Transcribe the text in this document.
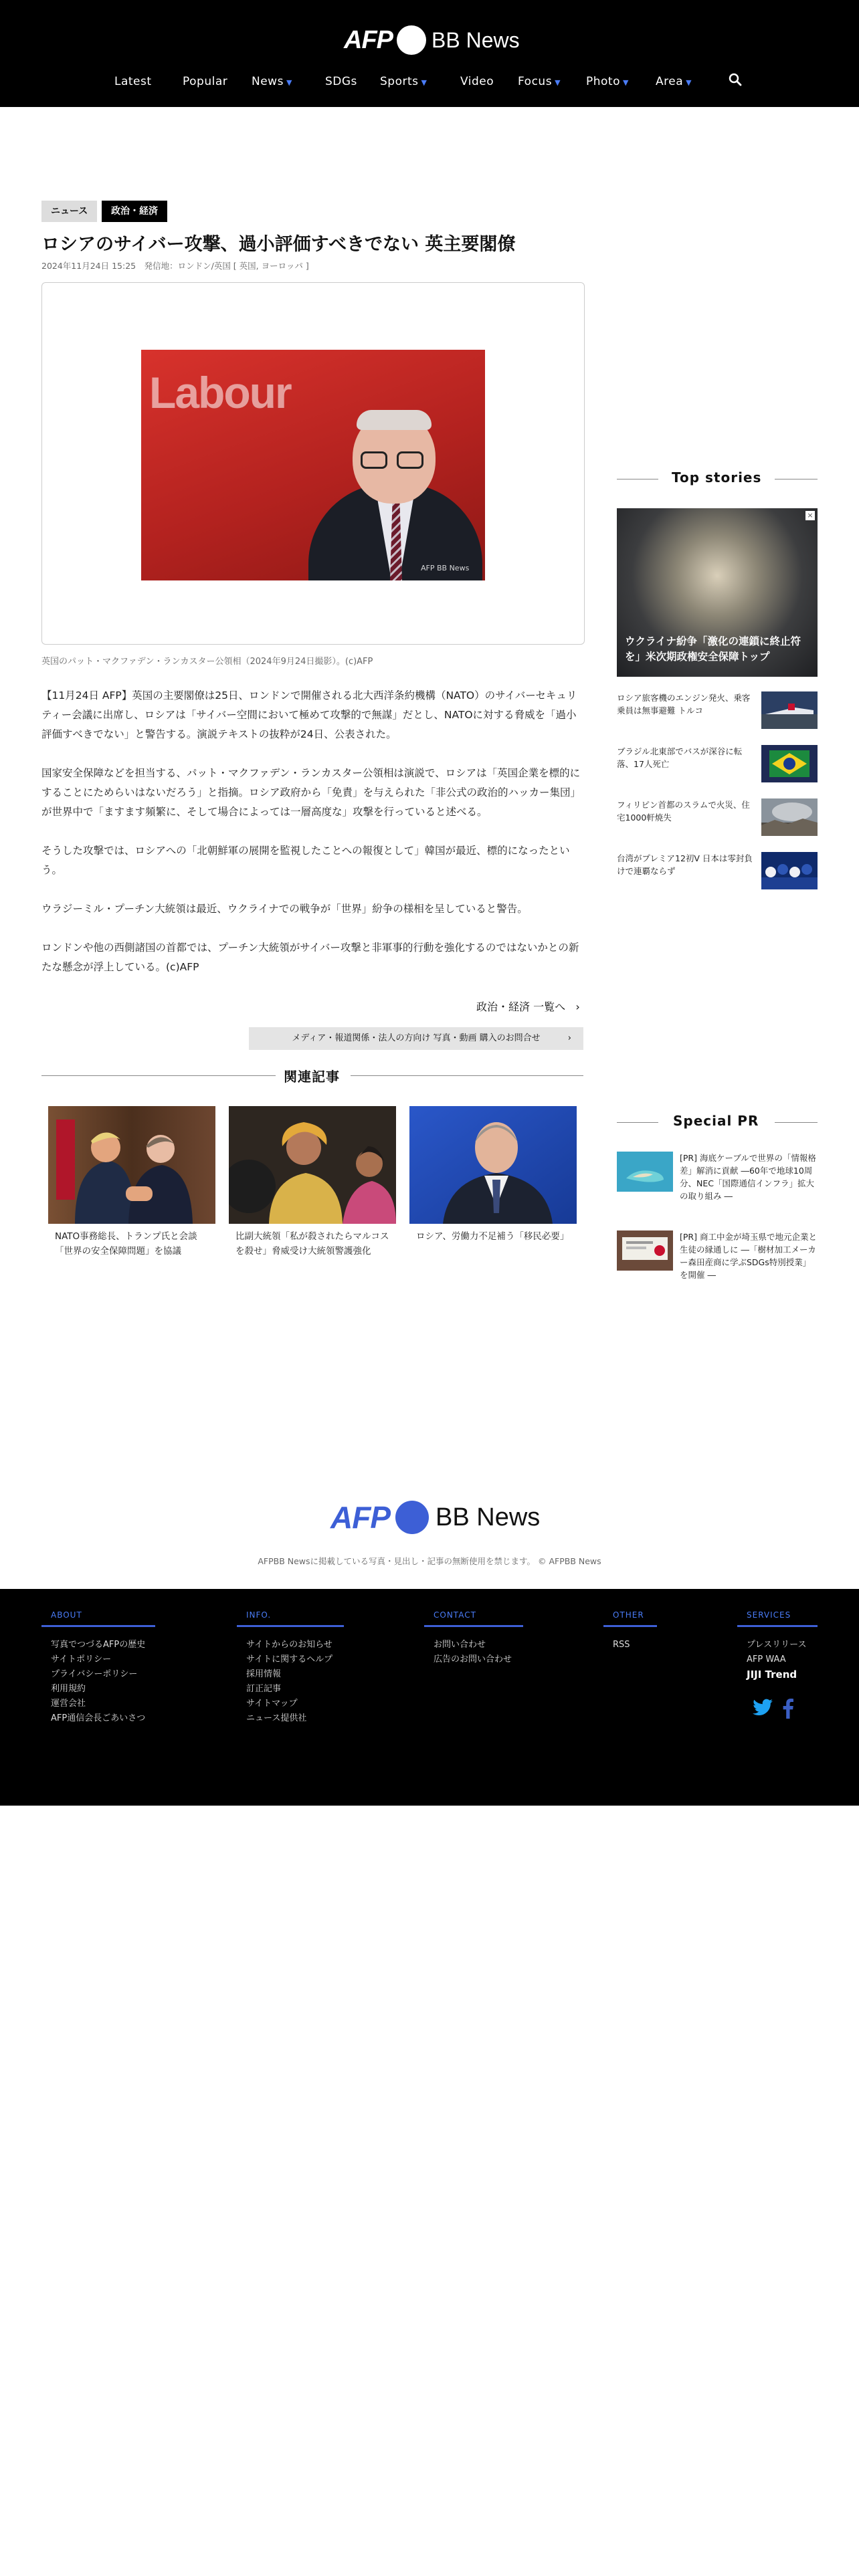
AFP BB News
Latest	Popular News ▼	SDGs Sports ▼	Video Focus ▼ Photo ▼ Area ▼
ニュース	政治・経済
ロシアのサイバー攻撃、過小評価すべきでない 英主要閣僚
2024年11月24日 15:25　発信地：ロンドン/英国 [ 英国, ヨーロッパ ]
Labour
AFP BB News
英国のパット・マクファデン・ランカスター公領相（2024年9月24日撮影）。(c)AFP

【11月24日 AFP】英国の主要閣僚は25日、ロンドンで開催される北大西洋条約機構（NATO）のサイバーセキュリティー会議に出席し、ロシアは「サイバー空間において極めて攻撃的で無謀」だとし、NATOに対する脅威を「過小評価すべきでない」と警告する。演説テキストの抜粋が24日、公表された。

国家安全保障などを担当する、パット・マクファデン・ランカスター公領相は演説で、ロシアは「英国企業を標的にすることにためらいはないだろう」と指摘。ロシア政府から「免責」を与えられた「非公式の政治的ハッカー集団」が世界中で「ますます頻繁に、そして場合によっては一層高度な」攻撃を行っていると述べる。

そうした攻撃では、ロシアへの「北朝鮮軍の展開を監視したことへの報復として」韓国が最近、標的になったという。

ウラジーミル・プーチン大統領は最近、ウクライナでの戦争が「世界」紛争の様相を呈していると警告。

ロンドンや他の西側諸国の首都では、プーチン大統領がサイバー攻撃と非軍事的行動を強化するのではないかとの新たな懸念が浮上している。(c)AFP

政治・経済 一覧へ   ›
メディア・報道関係・法人の方向け 写真・動画 購入のお問合せ	›
関連記事
NATO事務総長、トランプ氏と会談「世界の安全保障問題」を協議
比副大統領「私が殺されたらマルコスを殺せ」脅威受け大統領警護強化
ロシア、労働力不足補う「移民必要」
Top stories
×
ウクライナ紛争「激化の連鎖に終止符を」米次期政権安全保障トップ
ロシア旅客機のエンジン発火、乗客乗員は無事避難 トルコ
ブラジル北東部でバスが深谷に転落、17人死亡
フィリピン首都のスラムで火災、住宅1000軒焼失
台湾がプレミア12初V 日本は零封負けで連覇ならず
Special PR
[PR] 海底ケーブルで世界の「情報格差」解消に貢献 ―60年で地球10周分、NEC「国際通信インフラ」拡大の取り組み ―
[PR] 商工中金が埼玉県で地元企業と生徒の縁通しに ―「樹材加工メーカー森田産商に学ぶSDGs特別授業」を開催 ―
AFP BB News
AFPBB Newsに掲載している写真・見出し・記事の無断使用を禁じます。 © AFPBB News
ABOUT
写真でつづるAFPの歴史
サイトポリシー
プライバシーポリシー
利用規約
運営会社
AFP通信会長ごあいさつ
INFO.
サイトからのお知らせ
サイトに関するヘルプ
採用情報
訂正記事
サイトマップ
ニュース提供社
CONTACT
お問い合わせ
広告のお問い合わせ
OTHER
RSS
SERVICES
プレスリリース
AFP WAA
JIJI Trend
